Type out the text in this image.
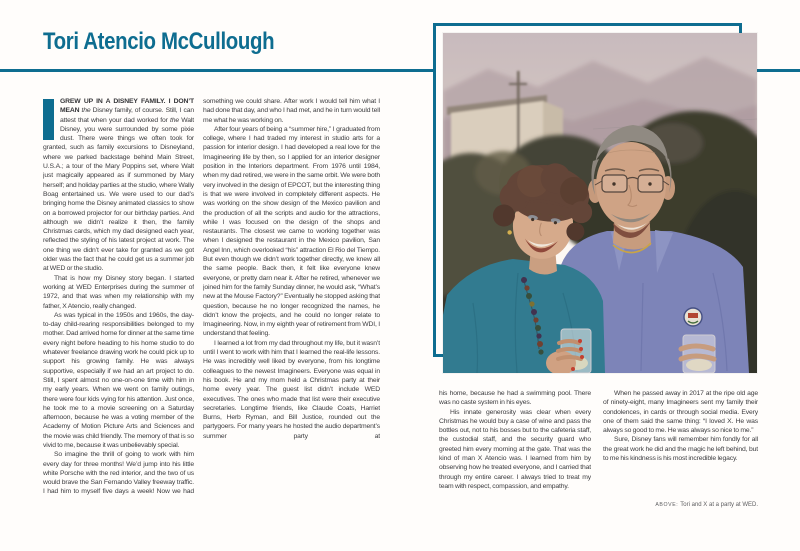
Tori Atencio McCullough

GREW UP IN A DISNEY FAMILY. I DON’T MEAN the Disney family, of course. Still, I can attest that when your dad worked for the Walt Disney, you were surrounded by some pixie dust. There were things we often took for granted, such as family excursions to Disneyland, where we parked backstage behind Main Street, U.S.A.; a tour of the Mary Poppins set, where Walt just magically appeared as if summoned by Mary herself; and holiday parties at the studio, where Wally Boag entertained us. We were used to our dad’s bringing home the Disney animated classics to show on a borrowed projector for our birthday parties. And although we didn’t realize it then, the family Christmas cards, which my dad designed each year, reflected the styling of his latest project at work. The one thing we didn’t ever take for granted as we got older was the fact that he could get us a summer job at WED or the studio.

That is how my Disney story began. I started working at WED Enterprises during the summer of 1972, and that was when my relationship with my father, X Atencio, really changed.

As was typical in the 1950s and 1960s, the day-to-day child-rearing responsibilities belonged to my mother. Dad arrived home for dinner at the same time every night before heading to his home studio to do whatever freelance drawing work he could pick up to support his growing family. He was always supportive, especially if we had an art project to do. Still, I spent almost no one-on-one time with him in my early years. When we went on family outings, there were four kids vying for his attention. Just once, he took me to a movie screening on a Saturday afternoon, because he was a voting member of the Academy of Motion Picture Arts and Sciences and the movie was child friendly. The memory of that is so vivid to me, because it was unbelievably special.

So imagine the thrill of going to work with him every day for three months! We’d jump into his little white Porsche with the red interior, and the two of us would brave the San Fernando Valley freeway traffic. I had him to myself five days a week! Now we had

something we could share. After work I would tell him what I had done that day, and who I had met, and he in turn would tell me what he was working on.

After four years of being a “summer hire,” I graduated from college, where I had traded my interest in studio arts for a passion for interior design. I had developed a real love for the Imagineering life by then, so I applied for an interior designer position in the Interiors department. From 1976 until 1984, when my dad retired, we were in the same orbit. We were both very involved in the design of EPCOT, but the interesting thing is that we were involved in completely different aspects. He was working on the show design of the Mexico pavilion and the production of all the scripts and audio for the attractions, while I was focused on the design of the shops and restaurants. The closest we came to working together was when I designed the restaurant in the Mexico pavilion, San Angel Inn, which overlooked “his” attraction El Rio del Tiempo. But even though we didn’t work together directly, we knew all the same people. Back then, it felt like everyone knew everyone, or pretty darn near it. After he retired, whenever we joined him for the family Sunday dinner, he would ask, “What’s new at the Mouse Factory?” Eventually he stopped asking that question, because he no longer recognized the names, he didn’t know the projects, and he could no longer relate to Imagineering. Now, in my eighth year of retirement from WDI, I understand that feeling.

I learned a lot from my dad throughout my life, but it wasn’t until I went to work with him that I learned the real-life lessons. He was incredibly well liked by everyone, from his longtime colleagues to the newest Imagineers. Everyone was equal in his book. He and my mom held a Christmas party at their home every year. The guest list didn’t include WED executives. The ones who made that list were their executive secretaries. Longtime friends, like Claude Coats, Harriet Burns, Herb Ryman, and Bill Justice, rounded out the partygoers. For many years he hosted the audio department’s summer party at

his home, because he had a swimming pool. There was no caste system in his eyes.

His innate generosity was clear when every Christmas he would buy a case of wine and pass the bottles out, not to his bosses but to the cafeteria staff, the custodial staff, and the security guard who greeted him every morning at the gate. That was the kind of man X Atencio was. I learned from him by observing how he treated everyone, and I carried that through my entire career. I always tried to treat my team with respect, compassion, and empathy.

When he passed away in 2017 at the ripe old age of ninety-eight, many Imagineers sent my family their condolences, in cards or through social media. Every one of them said the same thing: “I loved X. He was always so good to me. He was always so nice to me.”

Sure, Disney fans will remember him fondly for all the great work he did and the magic he left behind, but to me his kindness is his most incredible legacy.

ABOVE: Tori and X at a party at WED.
